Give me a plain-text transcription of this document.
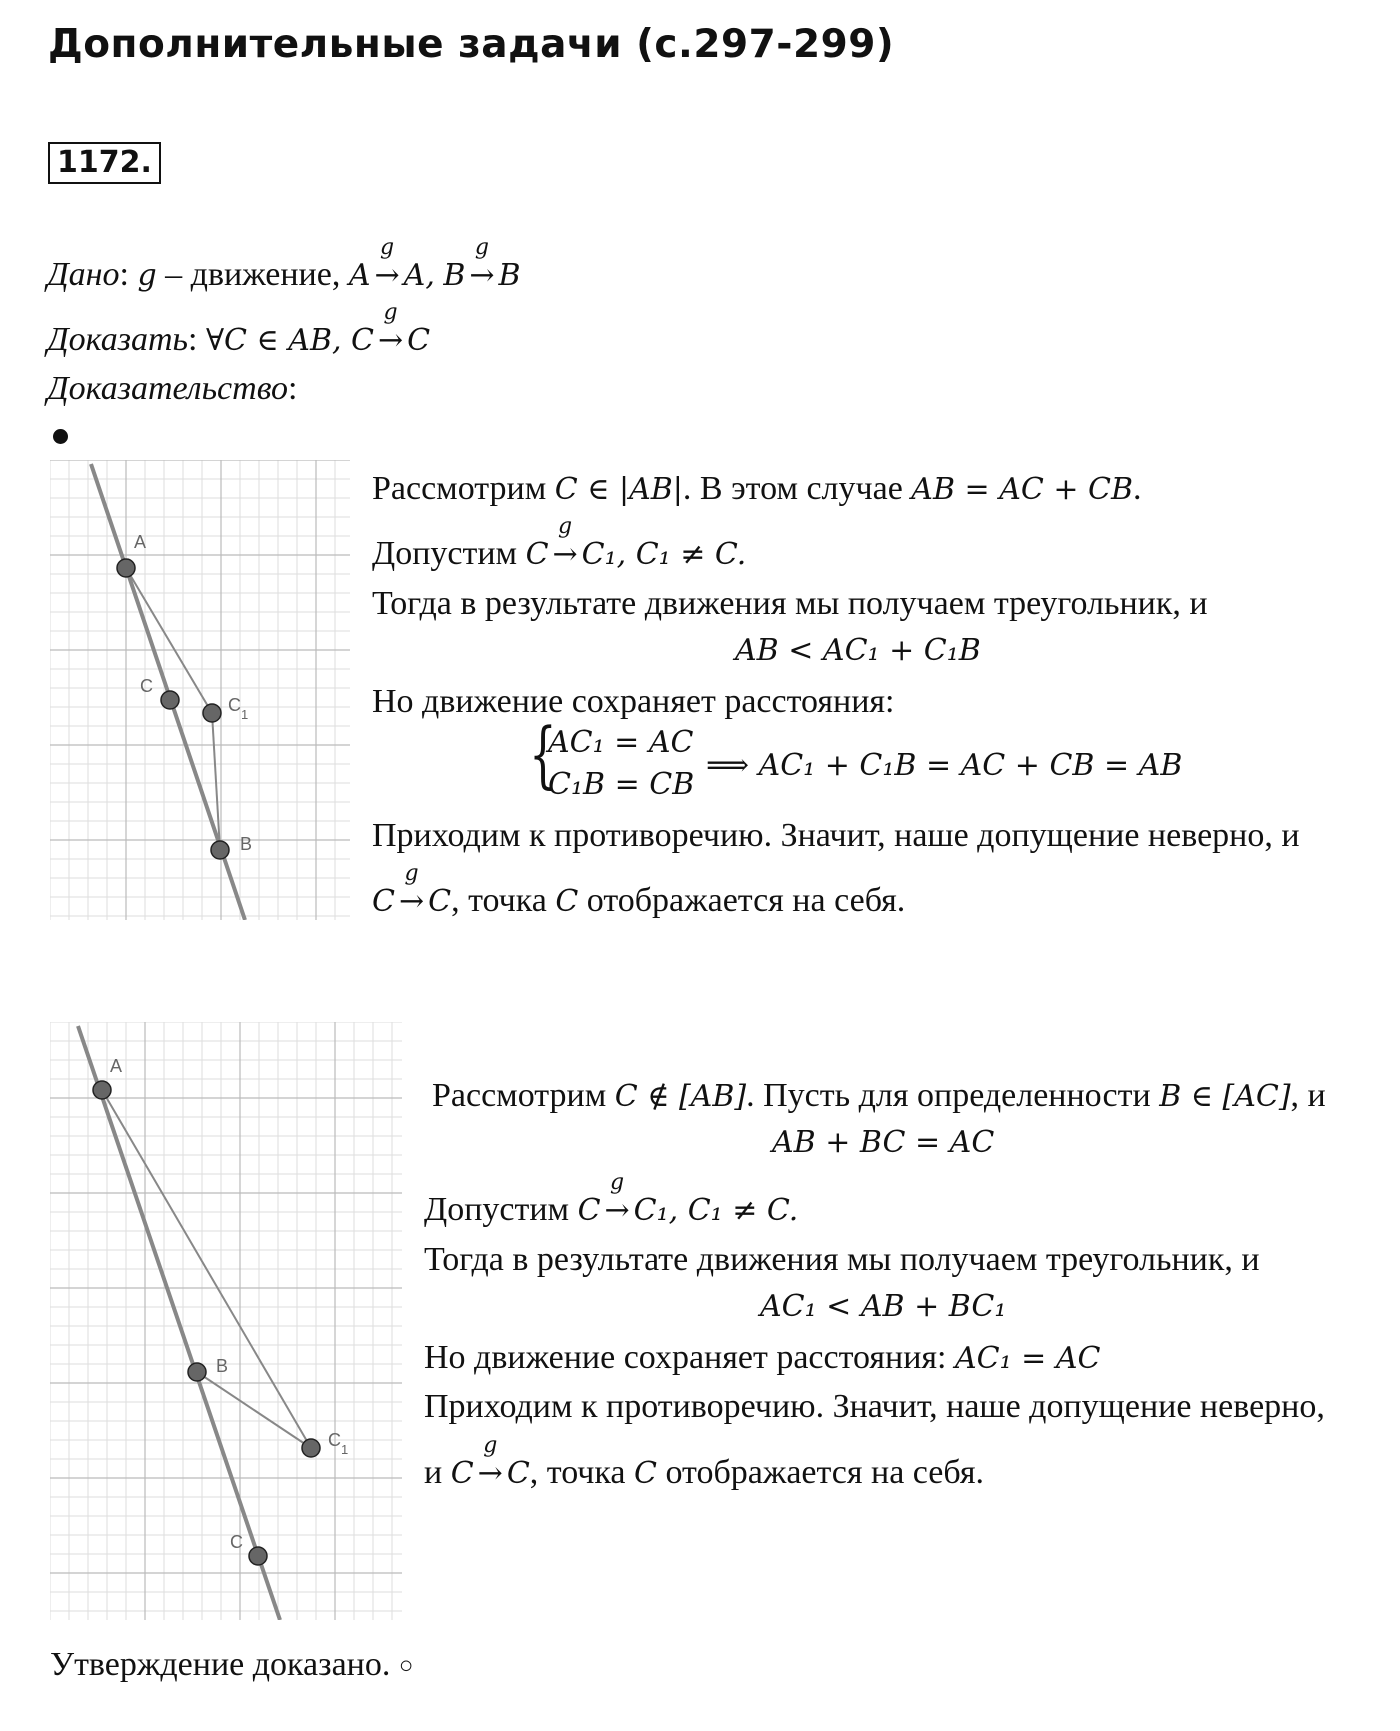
Дополнительные задачи (с.297-299)
1172.
Дано: g – движение, A
g
→ A, B
g
→ B
Доказать: ∀C ∈ AB, C
g
→ C
Доказательство:
A
C
$C_1$
B
Рассмотрим C ∈ |AB|. В этом случае AB = AC + CB.
Допустим C
g
→ C₁, C₁ ≠ C.
Тогда в результате движения мы получаем треугольник, и
AB < AC₁ + C₁B
Но движение сохраняет расстояния:
{
AC₁ = AC
C₁B = CB
⟹ AC₁ + C₁B = AC + CB = AB
Приходим к противоречию. Значит, наше допущение неверно, и
C
g
→ C, точка C отображается на себя.
A
B
$C_1$
C
Рассмотрим C ∉ [AB]. Пусть для определенности B ∈ [AC], и
AB + BC = AC
Допустим C
g
→ C₁, C₁ ≠ C.
Тогда в результате движения мы получаем треугольник, и
AC₁ < AB + BC₁
Но движение сохраняет расстояния: AC₁ = AC
Приходим к противоречию. Значит, наше допущение неверно,
и C
g
→ C, точка C отображается на себя.
Утверждение доказано. ○
